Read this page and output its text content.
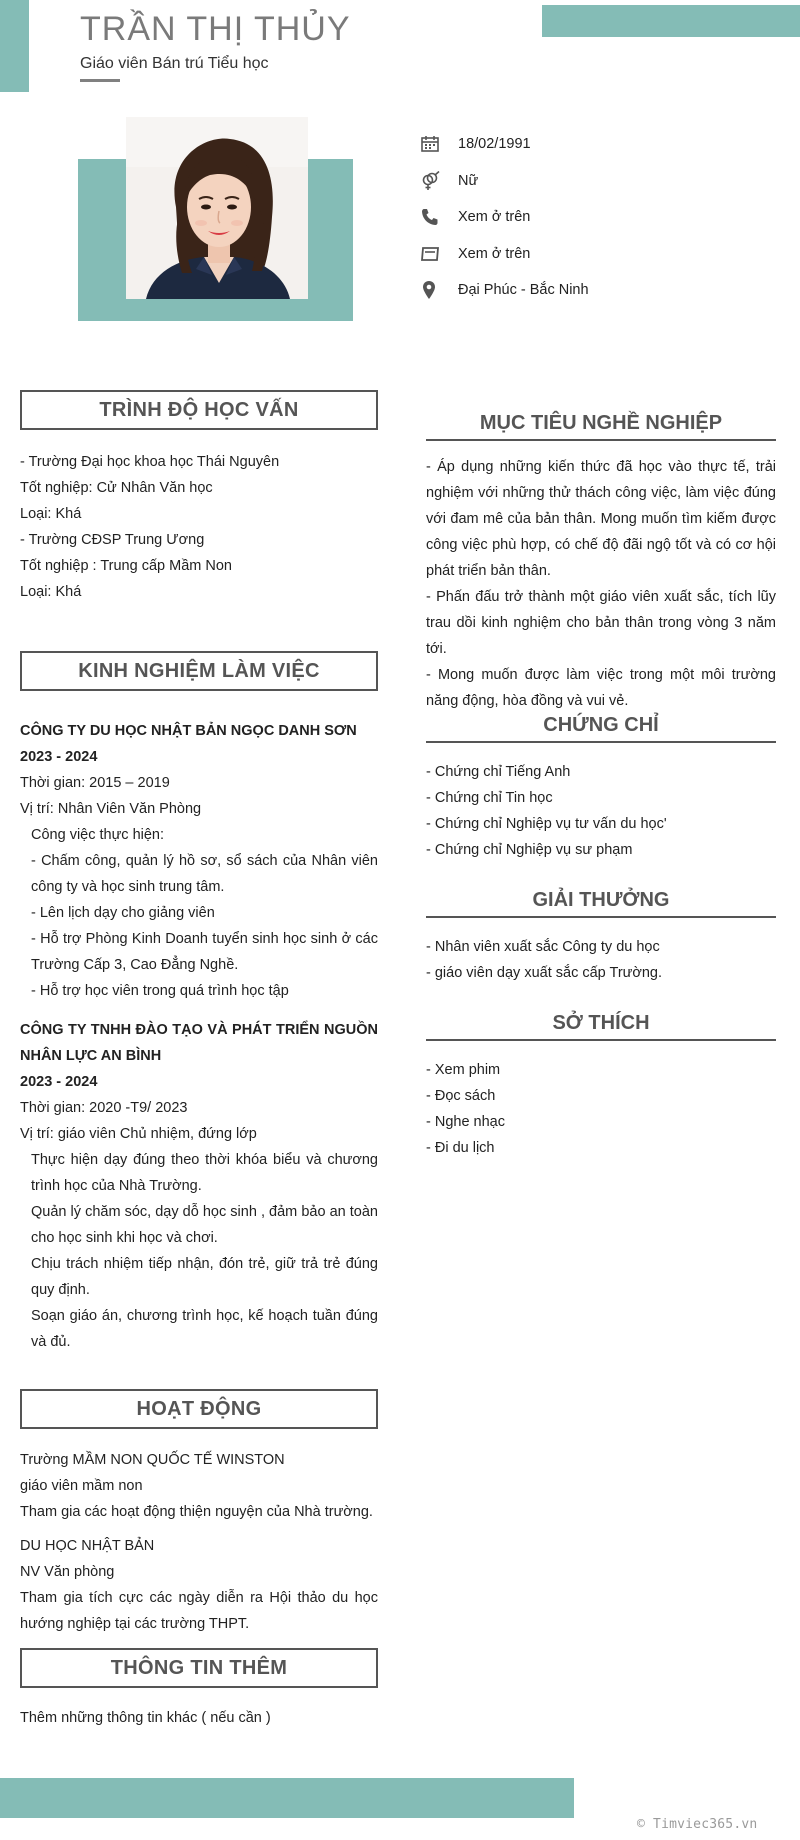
TRẦN THỊ THỦY
Giáo viên Bán trú Tiểu học
18/02/1991
Nữ
Xem ở trên
Xem ở trên
Đại Phúc - Bắc Ninh
TRÌNH ĐỘ HỌC VẤN

- Trường Đại học khoa học Thái Nguyên

Tốt nghiệp: Cử Nhân Văn học

Loại: Khá

- Trường CĐSP Trung Ương

Tốt nghiệp : Trung cấp Mầm Non

Loại: Khá

KINH NGHIỆM LÀM VIỆC

CÔNG TY DU HỌC NHẬT BẢN NGỌC DANH SƠN

2023 - 2024

Thời gian: 2015 – 2019

Vị trí: Nhân Viên Văn Phòng

Công việc thực hiện:

- Chấm công, quản lý hồ sơ, sổ sách của Nhân viên công ty và học sinh trung tâm.

- Lên lịch dạy cho giảng viên

- Hỗ trợ Phòng Kinh Doanh tuyển sinh học sinh ở các Trường Cấp 3, Cao Đẳng Nghề.

- Hỗ trợ học viên trong quá trình học tập

CÔNG TY TNHH ĐÀO TẠO VÀ PHÁT TRIỂN NGUỒN NHÂN LỰC AN BÌNH

2023 - 2024

Thời gian: 2020 -T9/ 2023

Vị trí: giáo viên Chủ nhiệm, đứng lớp

Thực hiện dạy đúng theo thời khóa biểu và chương trình học của Nhà Trường.

Quản lý chăm sóc, dạy dỗ học sinh , đảm bảo an toàn cho học sinh khi học và chơi.

Chịu trách nhiệm tiếp nhận, đón trẻ, giữ trả trẻ đúng quy định.

Soạn giáo án, chương trình học, kế hoạch tuần đúng và đủ.

HOẠT ĐỘNG

Trường MẦM NON QUỐC TẾ WINSTON

giáo viên mầm non

Tham gia các hoạt động thiện nguyện của Nhà trường.

DU HỌC NHẬT BẢN

NV Văn phòng

Tham gia tích cực các ngày diễn ra Hội thảo du học hướng nghiệp tại các trường THPT.

THÔNG TIN THÊM

Thêm những thông tin khác ( nếu cần )

MỤC TIÊU NGHỀ NGHIỆP

- Áp dụng những kiến thức đã học vào thực tế, trải nghiệm với những thử thách công việc, làm việc đúng với đam mê của bản thân. Mong muốn tìm kiếm được công việc phù hợp, có chế độ đãi ngộ tốt và có cơ hội phát triển bản thân.

- Phấn đấu trở thành một giáo viên xuất sắc, tích lũy trau dồi kinh nghiệm cho bản thân trong vòng 3 năm tới.

- Mong muốn được làm việc trong một môi trường năng động, hòa đồng và vui vẻ.

CHỨNG CHỈ

- Chứng chỉ Tiếng Anh

- Chứng chỉ Tin học

- Chứng chỉ Nghiệp vụ tư vấn du học'

- Chứng chỉ Nghiệp vụ sư phạm

GIẢI THƯỞNG

- Nhân viên xuất sắc Công ty du học

- giáo viên dạy xuất sắc cấp Trường.

SỞ THÍCH

- Xem phim

- Đọc sách

- Nghe nhạc

- Đi du lịch

© Timviec365.vn
